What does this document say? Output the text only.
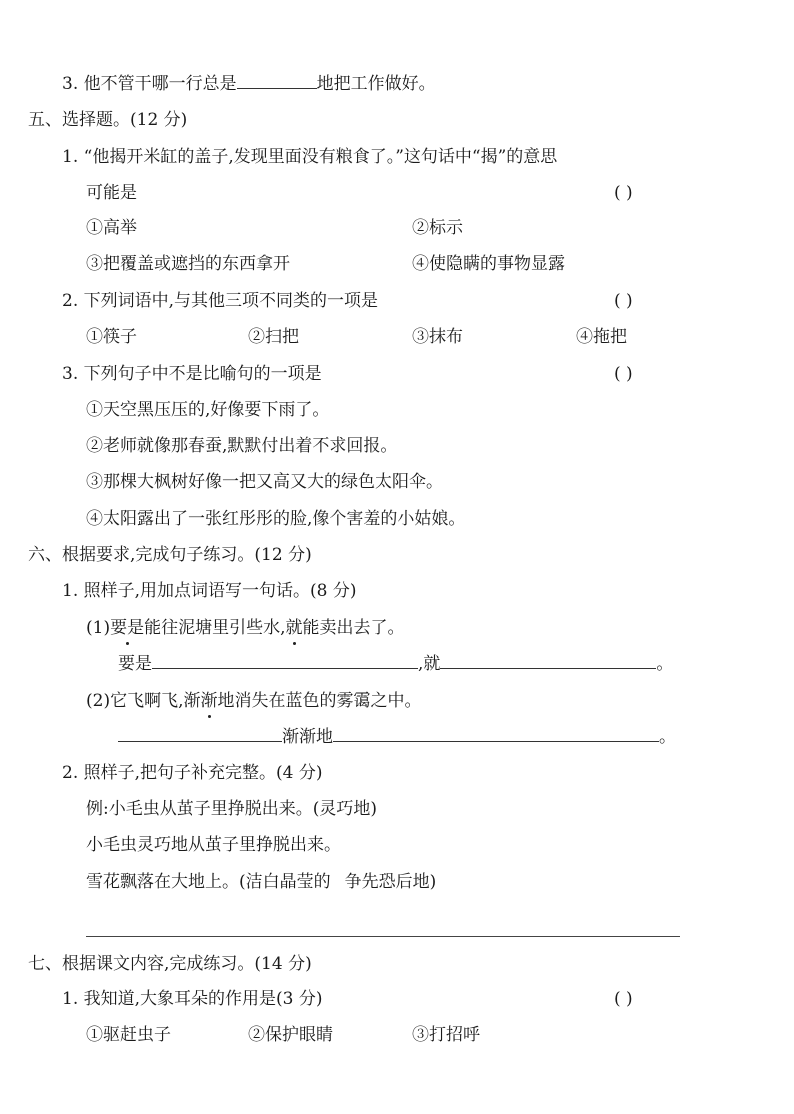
3. 他不管干哪一行总是	地把工作做好。
五、选择题。(12 分)
1. “他揭开米缸的盖子,发现里面没有粮食了。”这句话中“揭”的意思
可能是	( )
①高举	②标示
③把覆盖或遮挡的东西拿开	④使隐瞒的事物显露
2. 下列词语中,与其他三项不同类的一项是	( )
①筷子	②扫把	③抹布	④拖把
3. 下列句子中不是比喻句的一项是	( )
①天空黑压压的,好像要下雨了。
②老师就像那春蚕,默默付出着不求回报。
③那棵大枫树好像一把又高又大的绿色太阳伞。
④太阳露出了一张红彤彤的脸,像个害羞的小姑娘。
六、根据要求,完成句子练习。(12 分)
1. 照样子,用加点词语写一句话。(8 分)
(1)要是能往泥塘里引些水,就能卖出去了。
要是	,就	。
(2)它飞啊飞,渐渐地消失在蓝色的雾霭之中。
渐渐地	。
2. 照样子,把句子补充完整。(4 分)
例:小毛虫从茧子里挣脱出来。(灵巧地)
小毛虫灵巧地从茧子里挣脱出来。
雪花飘落在大地上。(洁白晶莹的 争先恐后地)
七、根据课文内容,完成练习。(14 分)
1. 我知道,大象耳朵的作用是(3 分)	( )
①驱赶虫子	②保护眼睛	③打招呼
